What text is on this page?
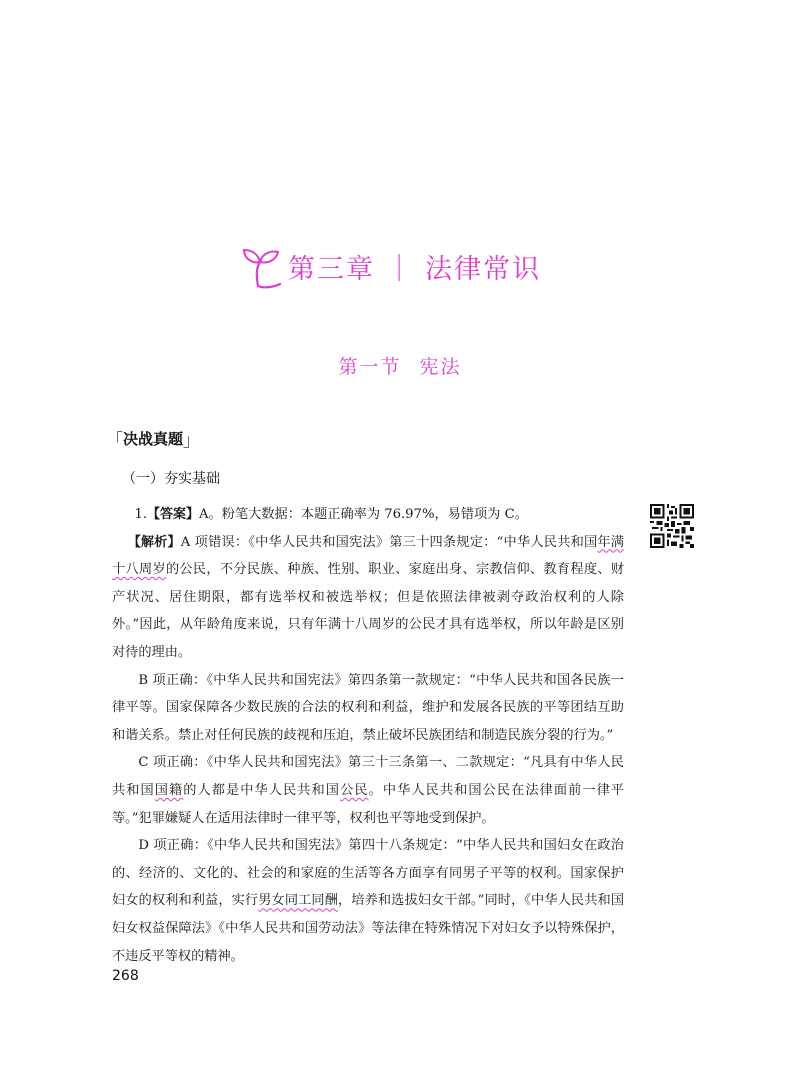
第三章 ｜ 法律常识
第一节 宪法
「 决战真题 」
（一）夯实基础

1.【答案】A。粉笔大数据：本题正确率为 76.97%，易错项为 C。

【解析】A 项错误：《中华人民共和国宪法》第三十四条规定：“中华人民共和国年满十八周岁的公民，不分民族、种族、性别、职业、家庭出身、宗教信仰、教育程度、财产状况、居住期限，都有选举权和被选举权；但是依照法律被剥夺政治权利的人除外。”因此，从年龄角度来说，只有年满十八周岁的公民才具有选举权，所以年龄是区别对待的理由。

B 项正确：《中华人民共和国宪法》第四条第一款规定：“中华人民共和国各民族一律平等。国家保障各少数民族的合法的权利和利益，维护和发展各民族的平等团结互助和谐关系。禁止对任何民族的歧视和压迫，禁止破坏民族团结和制造民族分裂的行为。”

C 项正确：《中华人民共和国宪法》第三十三条第一、二款规定：“凡具有中华人民共和国国籍的人都是中华人民共和国公民。中华人民共和国公民在法律面前一律平等。”犯罪嫌疑人在适用法律时一律平等，权利也平等地受到保护。

D 项正确：《中华人民共和国宪法》第四十八条规定：“中华人民共和国妇女在政治的、经济的、文化的、社会的和家庭的生活等各方面享有同男子平等的权利。国家保护妇女的权利和利益，实行男女同工同酬，培养和选拔妇女干部。”同时，《中华人民共和国妇女权益保障法》《中华人民共和国劳动法》等法律在特殊情况下对妇女予以特殊保护，不违反平等权的精神。

268
